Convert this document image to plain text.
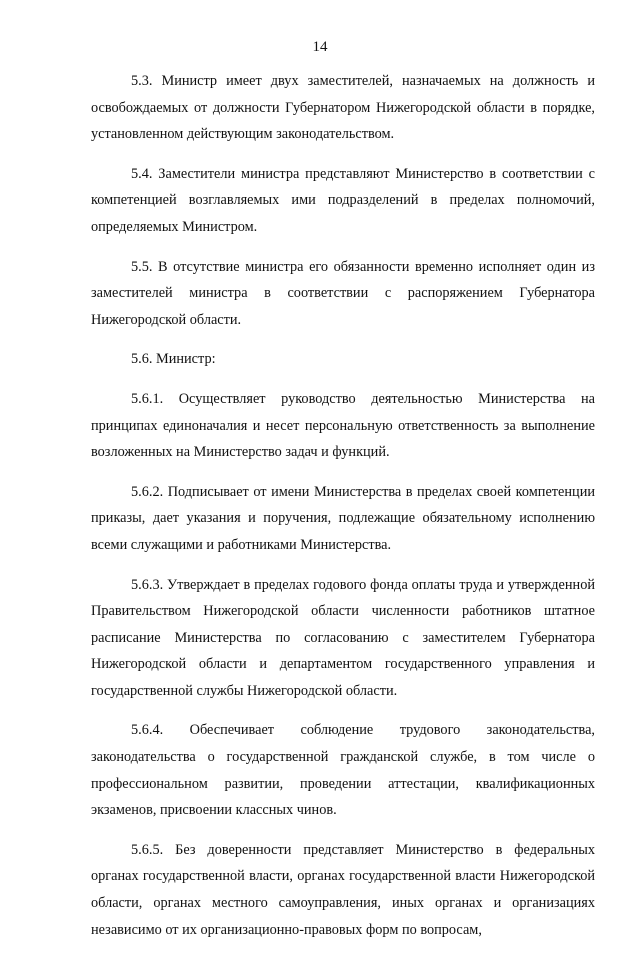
14

5.3. Министр имеет двух заместителей, назначаемых на должность и освобождаемых от должности Губернатором Нижегородской области в порядке, установленном действующим законодательством.

5.4. Заместители министра представляют Министерство в соответствии с компетенцией возглавляемых ими подразделений в пределах полномочий, определяемых Министром.

5.5. В отсутствие министра его обязанности временно исполняет один из заместителей министра в соответствии с распоряжением Губернатора Нижегородской области.

5.6. Министр:

5.6.1. Осуществляет руководство деятельностью Министерства на принципах единоначалия и несет персональную ответственность за выполнение возложенных на Министерство задач и функций.

5.6.2. Подписывает от имени Министерства в пределах своей компетенции приказы, дает указания и поручения, подлежащие обязательному исполнению всеми служащими и работниками Министерства.

5.6.3. Утверждает в пределах годового фонда оплаты труда и утвержденной Правительством Нижегородской области численности работников штатное расписание Министерства по согласованию с заместителем Губернатора Нижегородской области и департаментом государственного управления и государственной службы Нижегородской области.

5.6.4. Обеспечивает соблюдение трудового законодательства, законодательства о государственной гражданской службе, в том числе о профессиональном развитии, проведении аттестации, квалификационных экзаменов, присвоении классных чинов.

5.6.5. Без доверенности представляет Министерство в федеральных органах государственной власти, органах государственной власти Нижегородской области, органах местного самоуправления, иных органах и организациях независимо от их организационно-правовых форм по вопросам,
